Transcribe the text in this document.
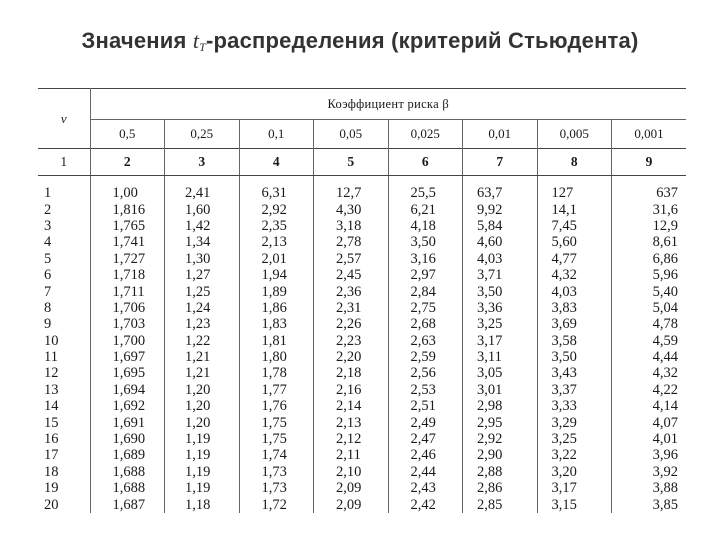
Значения $t_T$-распределения (критерий Стьюдента)
ν	Коэффициент риска β							
	0,5	0,25	0,1	0,05	0,025	0,01	0,005	0,001
1	2	3	4	5	6	7	8	9

1	1,00	2,41	6,31	12,7	25,5	63,7	127	637
2	1,816	1,60	2,92	4,30	6,21	9,92	14,1	31,6
3	1,765	1,42	2,35	3,18	4,18	5,84	7,45	12,9
4	1,741	1,34	2,13	2,78	3,50	4,60	5,60	8,61
5	1,727	1,30	2,01	2,57	3,16	4,03	4,77	6,86
6	1,718	1,27	1,94	2,45	2,97	3,71	4,32	5,96
7	1,711	1,25	1,89	2,36	2,84	3,50	4,03	5,40
8	1,706	1,24	1,86	2,31	2,75	3,36	3,83	5,04
9	1,703	1,23	1,83	2,26	2,68	3,25	3,69	4,78
10	1,700	1,22	1,81	2,23	2,63	3,17	3,58	4,59
11	1,697	1,21	1,80	2,20	2,59	3,11	3,50	4,44
12	1,695	1,21	1,78	2,18	2,56	3,05	3,43	4,32
13	1,694	1,20	1,77	2,16	2,53	3,01	3,37	4,22
14	1,692	1,20	1,76	2,14	2,51	2,98	3,33	4,14
15	1,691	1,20	1,75	2,13	2,49	2,95	3,29	4,07
16	1,690	1,19	1,75	2,12	2,47	2,92	3,25	4,01
17	1,689	1,19	1,74	2,11	2,46	2,90	3,22	3,96
18	1,688	1,19	1,73	2,10	2,44	2,88	3,20	3,92
19	1,688	1,19	1,73	2,09	2,43	2,86	3,17	3,88
20	1,687	1,18	1,72	2,09	2,42	2,85	3,15	3,85
